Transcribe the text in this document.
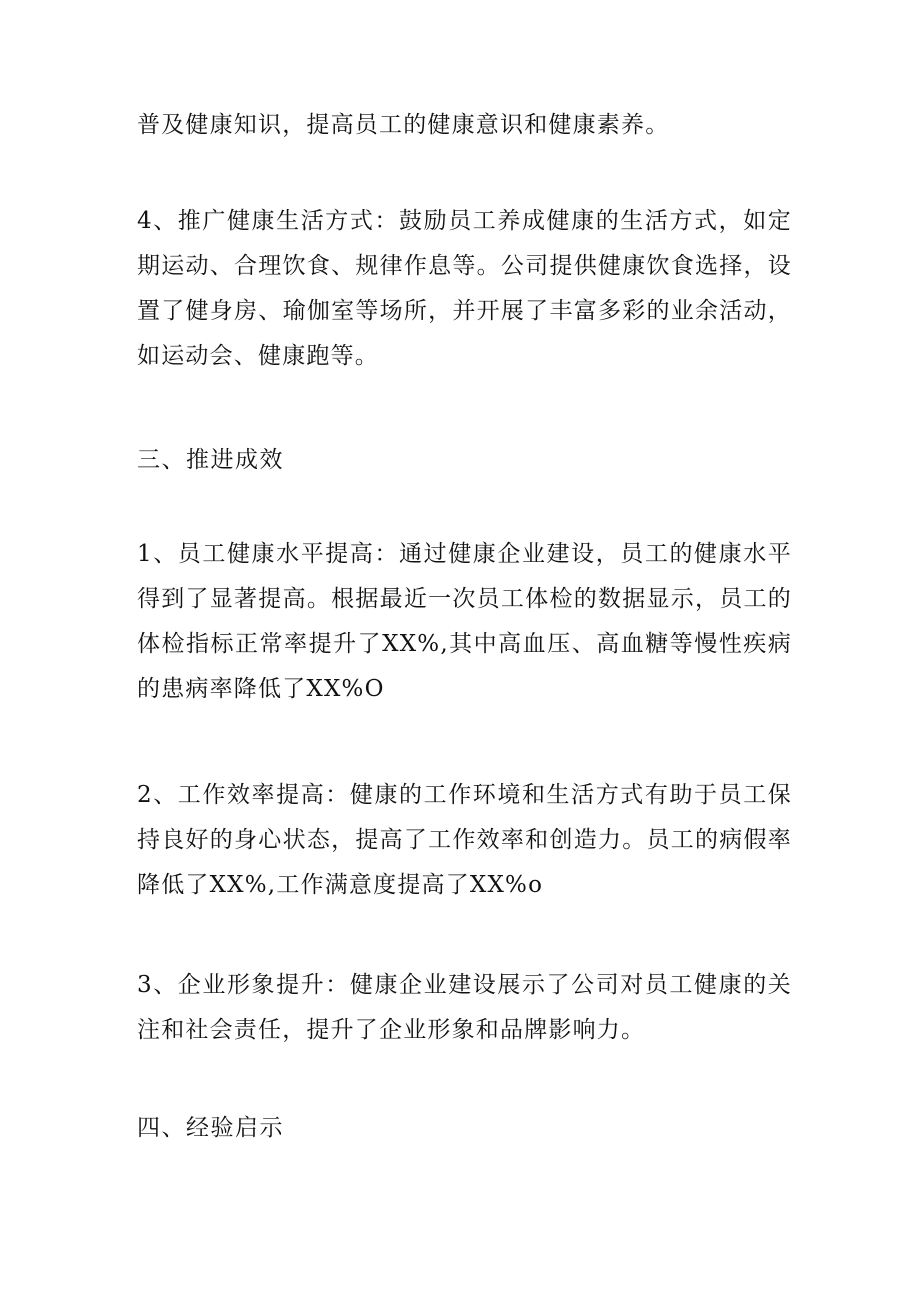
普及健康知识，提高员工的健康意识和健康素养。

4、推广健康生活方式：鼓励员工养成健康的生活方式，如定期运动、合理饮食、规律作息等。公司提供健康饮食选择，设置了健身房、瑜伽室等场所，并开展了丰富多彩的业余活动，如运动会、健康跑等。

三、推进成效

1、员工健康水平提高：通过健康企业建设，员工的健康水平得到了显著提高。根据最近一次员工体检的数据显示，员工的体检指标正常率提升了XX%,其中高血压、高血糖等慢性疾病的患病率降低了XX%O

2、工作效率提高：健康的工作环境和生活方式有助于员工保持良好的身心状态，提高了工作效率和创造力。员工的病假率降低了XX%,工作满意度提高了XX%o

3、企业形象提升：健康企业建设展示了公司对员工健康的关注和社会责任，提升了企业形象和品牌影响力。

四、经验启示
